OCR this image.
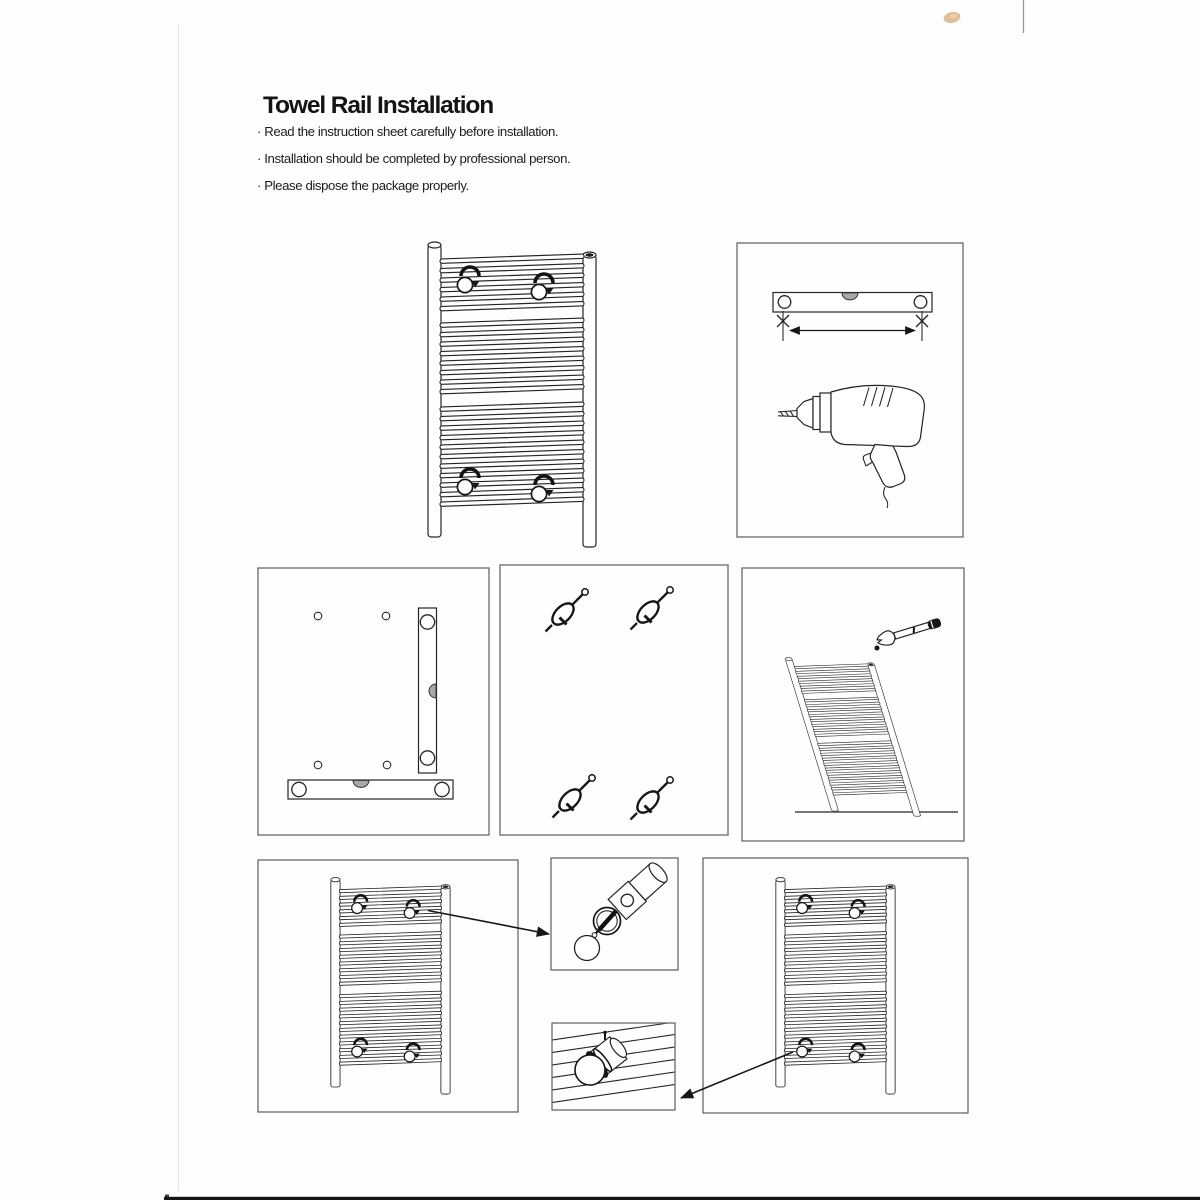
Towel Rail Installation

· Read the instruction sheet carefully before installation.

· Installation should be completed by professional person.

· Please dispose the package properly.
